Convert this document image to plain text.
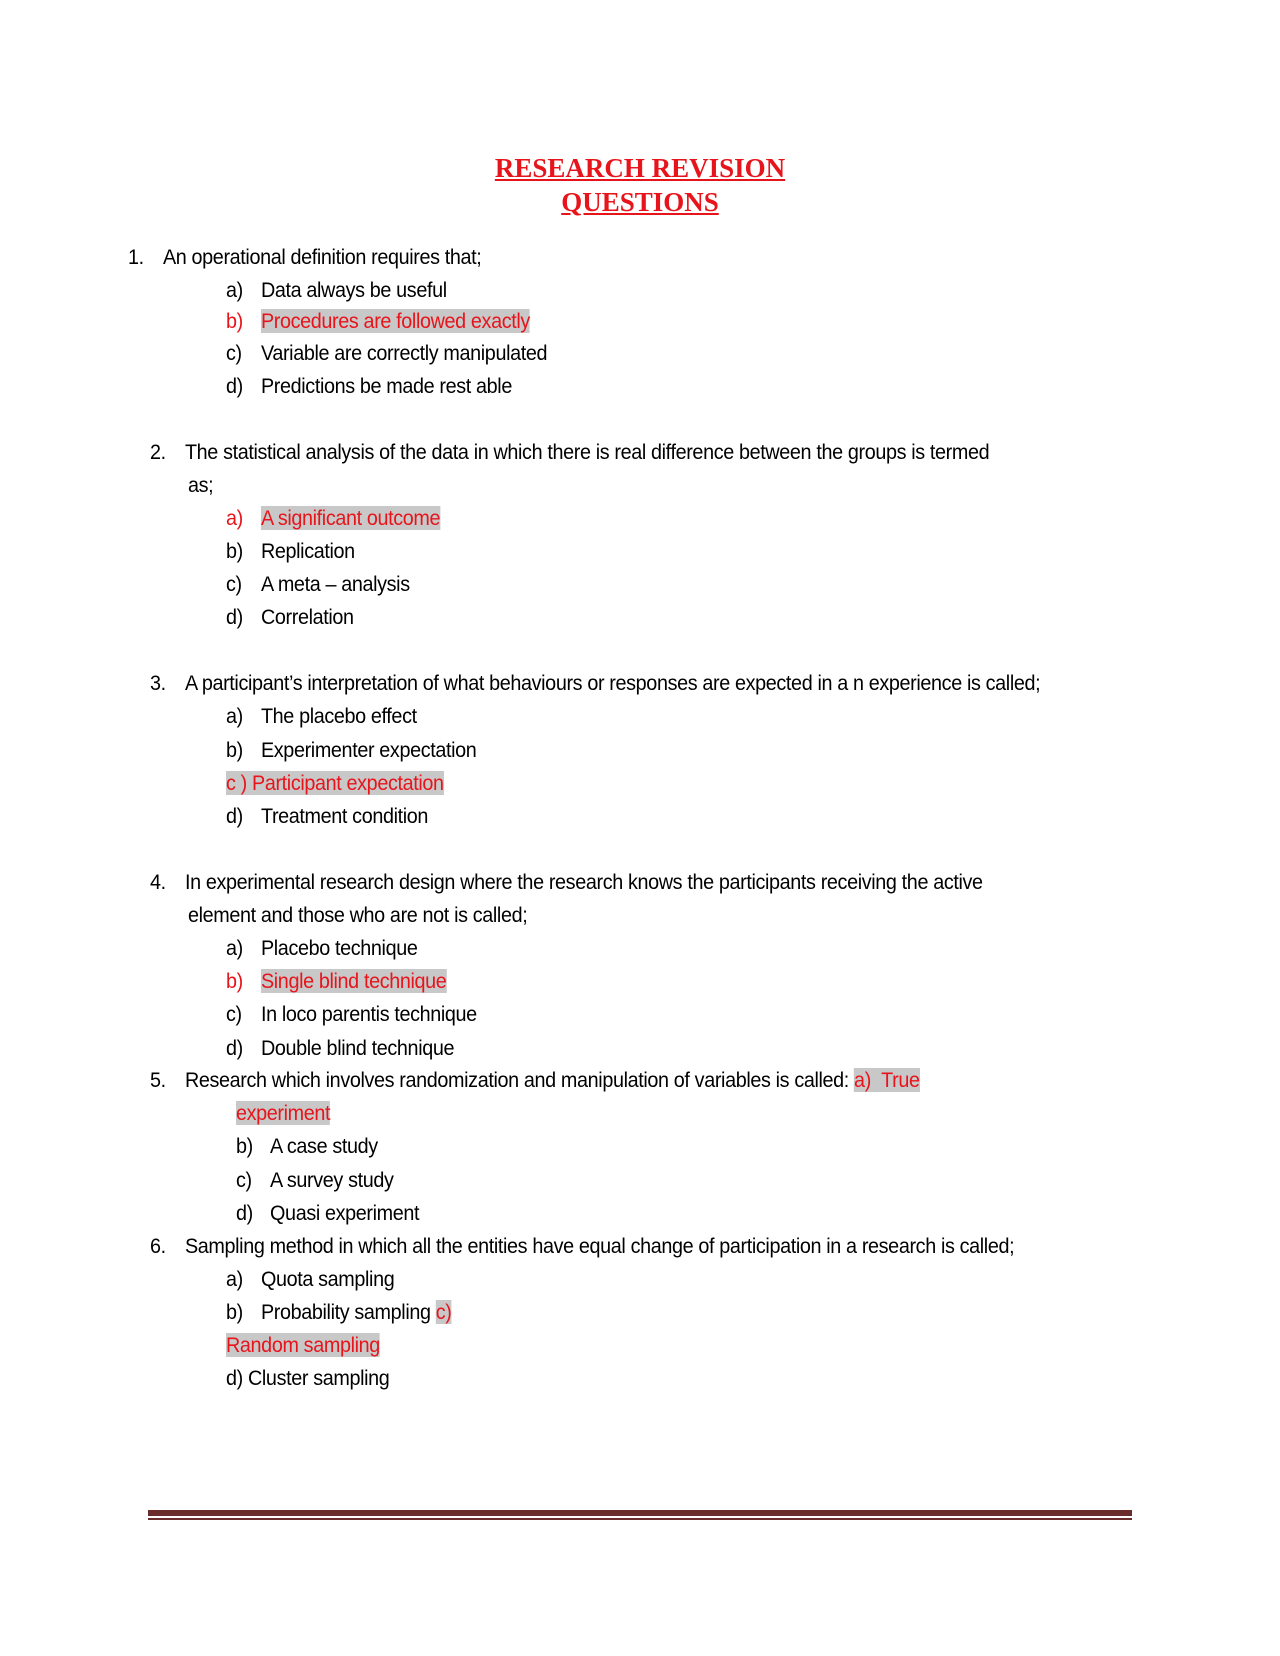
RESEARCH REVISION
QUESTIONS
1. An operational definition requires that;
a) Data always be useful
b) Procedures are followed exactly
c) Variable are correctly manipulated
d) Predictions be made rest able
2. The statistical analysis of the data in which there is real difference between the groups is termed
as;
a) A significant outcome
b) Replication
c) A meta – analysis
d) Correlation
3. A participant’s interpretation of what behaviours or responses are expected in a n experience is called;
a) The placebo effect
b) Experimenter expectation
c ) Participant expectation
d) Treatment condition
4. In experimental research design where the research knows the participants receiving the active
element and those who are not is called;
a) Placebo technique
b) Single blind technique
c) In loco parentis technique
d) Double blind technique
5. Research which involves randomization and manipulation of variables is called: a) True
experiment
b) A case study
c) A survey study
d) Quasi experiment
6. Sampling method in which all the entities have equal change of participation in a research is called;
a) Quota sampling
b) Probability sampling c)
Random sampling
d) Cluster sampling
